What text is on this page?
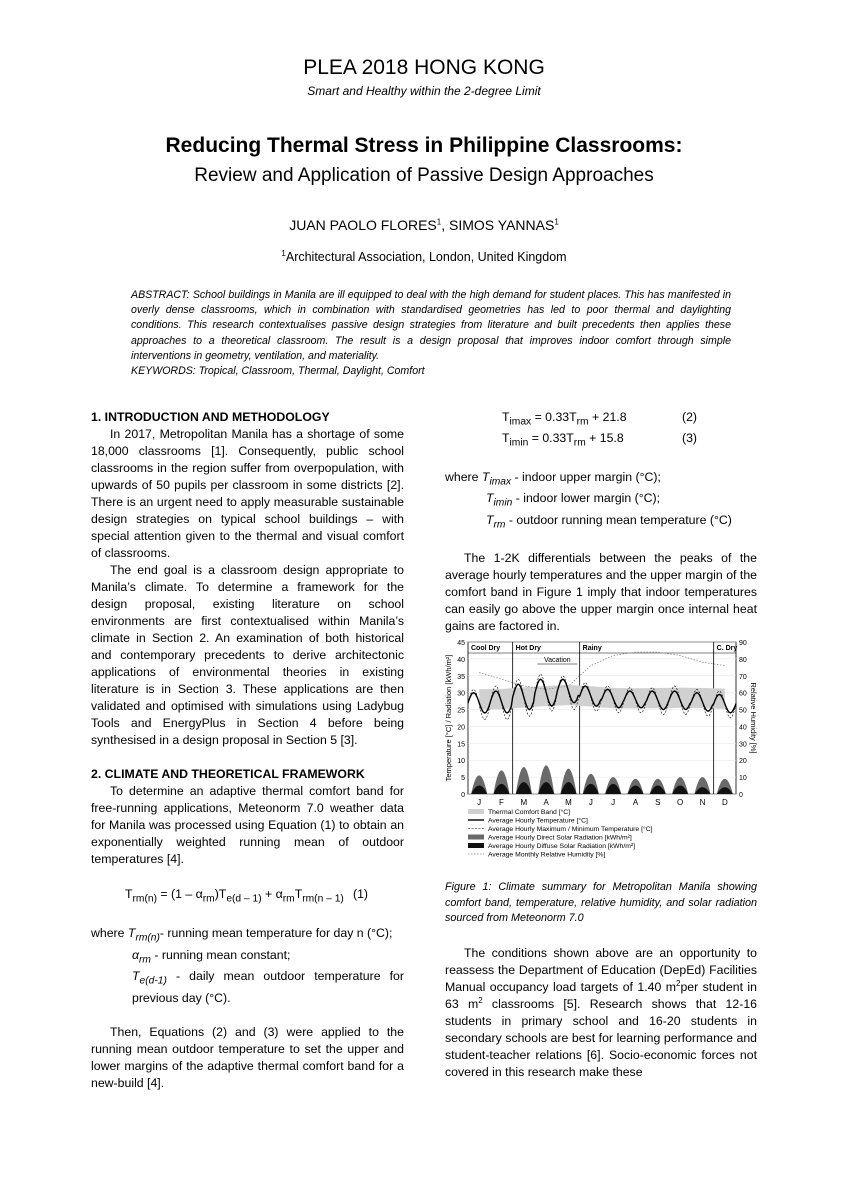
PLEA 2018 HONG KONG
Smart and Healthy within the 2-degree Limit
Reducing Thermal Stress in Philippine Classrooms:
Review and Application of Passive Design Approaches
JUAN PAOLO FLORES$^1$, SIMOS YANNAS$^1$
$^1$Architectural Association, London, United Kingdom
ABSTRACT: School buildings in Manila are ill equipped to deal with the high demand for student places. This has manifested in overly dense classrooms, which in combination with standardised geometries has led to poor thermal and daylighting conditions. This research contextualises passive design strategies from literature and built precedents then applies these approaches to a theoretical classroom. The result is a design proposal that improves indoor comfort through simple interventions in geometry, ventilation, and materiality.
KEYWORDS: Tropical, Classroom, Thermal, Daylight, Comfort
1. INTRODUCTION AND METHODOLOGY

In 2017, Metropolitan Manila has a shortage of some 18,000 classrooms [1]. Consequently, public school classrooms in the region suffer from overpopulation, with upwards of 50 pupils per classroom in some districts [2]. There is an urgent need to apply measurable sustainable design strategies on typical school buildings – with special attention given to the thermal and visual comfort of classrooms.

The end goal is a classroom design appropriate to Manila’s climate. To determine a framework for the design proposal, existing literature on school environments are first contextualised within Manila’s climate in Section 2. An examination of both historical and contemporary precedents to derive architectonic applications of environmental theories in existing literature is in Section 3. These applications are then validated and optimised with simulations using Ladybug Tools and EnergyPlus in Section 4 before being synthesised in a design proposal in Section 5 [3].

2. CLIMATE AND THEORETICAL FRAMEWORK

To determine an adaptive thermal comfort band for free-running applications, Meteonorm 7.0 weather data for Manila was processed using Equation (1) to obtain an exponentially weighted running mean of outdoor temperatures [4].

$T_{rm(n)} = (1 - \alpha_{rm})T_{e(d - 1)} + \alpha_{rm}T_{rm(n - 1)}$ (1)

where $T_{rm(n)}-$ running mean temperature for day n (°C);

$\alpha_{rm}$ - running mean constant;

$T_{e(d-1)}$ - daily mean outdoor temperature for previous day (°C).

Then, Equations (2) and (3) were applied to the running mean outdoor temperature to set the upper and lower margins of the adaptive thermal comfort band for a new-build [4].

$T_{imax} = 0.33T_{rm} + 21.8$	(2)
$T_{imin} = 0.33T_{rm} + 15.8$	(3)

where $T_{imax}$ - indoor upper margin (°C);

$T_{imin}$ - indoor lower margin (°C);

$T_{rm}$ - outdoor running mean temperature (°C)

The 1-2K differentials between the peaks of the average hourly temperatures and the upper margin of the comfort band in Figure 1 imply that indoor temperatures can easily go above the upper margin once internal heat gains are factored in.

0	0
5	10
10	20
15	30
20	40
25	50
30	60
35	70
40	80
45	90
Temperature [°C] / Radiation [kWh/m²]	Relative Humidity [%]
J F M A M J J A S O N D
Cool Dry Hot Dry	Rainy	C. Dry
Vacation
Thermal Comfort Band [°C]
Average Hourly Temperature [°C]
Average Hourly Maximum / Minimum Temperature [°C]
Average Hourly Direct Solar Radiation [kWh/m²]
Average Hourly Diffuse Solar Radiation [kWh/m²]
Average Monthly Relative Humidity [%]
Figure 1: Climate summary for Metropolitan Manila showing comfort band, temperature, relative humidity, and solar radiation sourced from Meteonorm 7.0

The conditions shown above are an opportunity to reassess the Department of Education (DepEd) Facilities Manual occupancy load targets of 1.40 $m^2per$ student in 63 $m^2$ classrooms [5]. Research shows that 12-16 students in primary school and 16-20 students in secondary schools are best for learning performance and student-teacher relations [6]. Socio-economic forces not covered in this research make these
